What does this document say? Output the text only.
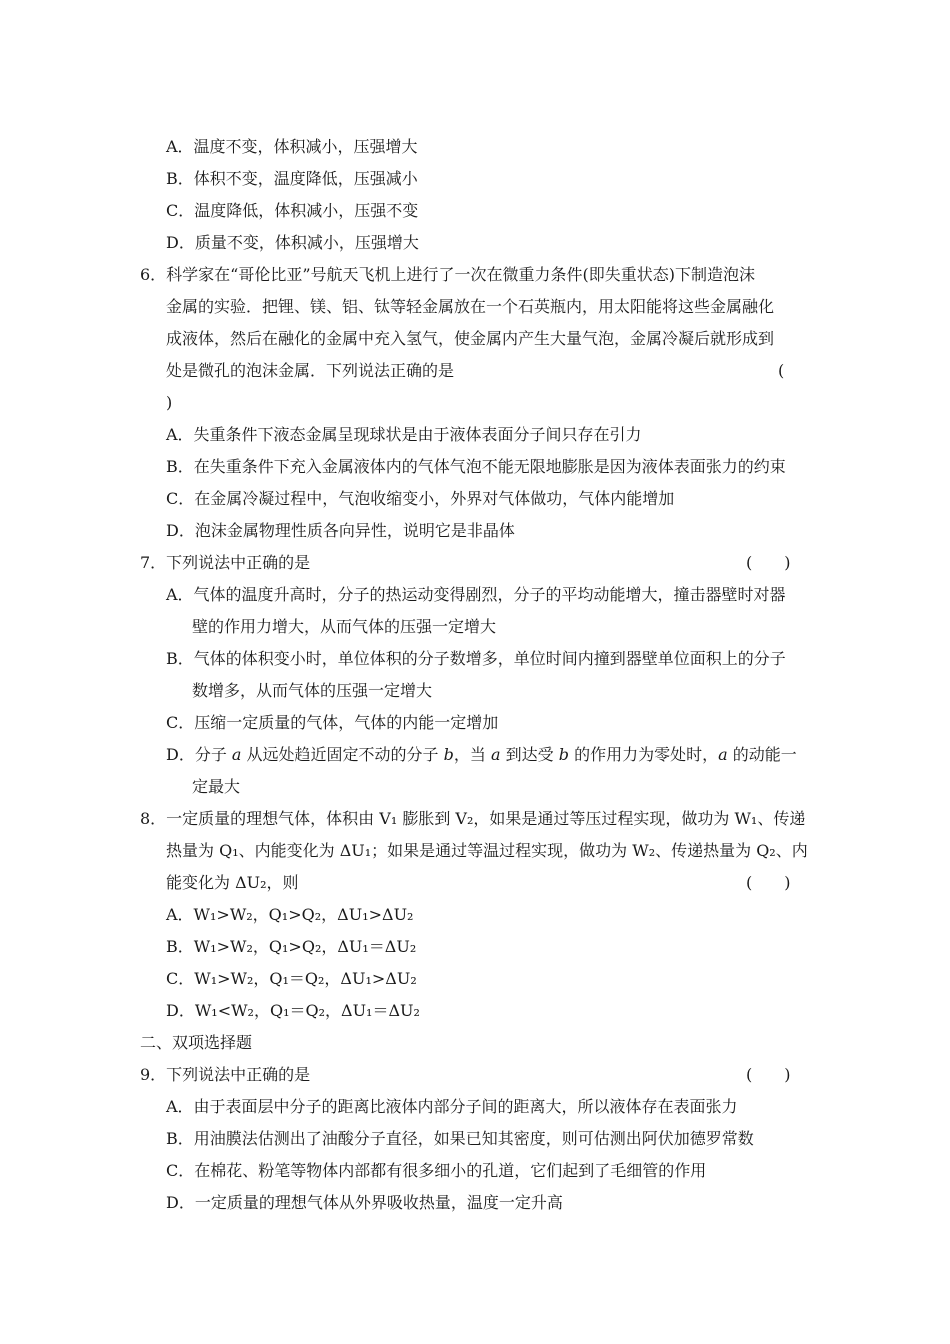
A．温度不变，体积减小，压强增大
B．体积不变，温度降低，压强减小
C．温度降低，体积减小，压强不变
D．质量不变，体积减小，压强增大
6．科学家在“哥伦比亚”号航天飞机上进行了一次在微重力条件(即失重状态)下制造泡沫
金属的实验．把锂、镁、铝、钛等轻金属放在一个石英瓶内，用太阳能将这些金属融化
成液体，然后在融化的金属中充入氢气，使金属内产生大量气泡，金属冷凝后就形成到
处是微孔的泡沫金属．下列说法正确的是	(
)
A．失重条件下液态金属呈现球状是由于液体表面分子间只存在引力
B．在失重条件下充入金属液体内的气体气泡不能无限地膨胀是因为液体表面张力的约束
C．在金属冷凝过程中，气泡收缩变小，外界对气体做功，气体内能增加
D．泡沫金属物理性质各向异性，说明它是非晶体
7．下列说法中正确的是	(　　)
A．气体的温度升高时，分子的热运动变得剧烈，分子的平均动能增大，撞击器壁时对器
壁的作用力增大，从而气体的压强一定增大
B．气体的体积变小时，单位体积的分子数增多，单位时间内撞到器壁单位面积上的分子
数增多，从而气体的压强一定增大
C．压缩一定质量的气体，气体的内能一定增加
D．分子 a 从远处趋近固定不动的分子 b，当 a 到达受 b 的作用力为零处时，a 的动能一
定最大
8．一定质量的理想气体，体积由 V₁ 膨胀到 V₂，如果是通过等压过程实现，做功为 W₁、传递
热量为 Q₁、内能变化为 ΔU₁；如果是通过等温过程实现，做功为 W₂、传递热量为 Q₂、内
能变化为 ΔU₂，则	(　　)
A．W₁>W₂，Q₁>Q₂，ΔU₁>ΔU₂
B．W₁>W₂，Q₁>Q₂，ΔU₁＝ΔU₂
C．W₁>W₂，Q₁＝Q₂，ΔU₁>ΔU₂
D．W₁<W₂，Q₁＝Q₂，ΔU₁＝ΔU₂
二、双项选择题
9．下列说法中正确的是	(　　)
A．由于表面层中分子的距离比液体内部分子间的距离大，所以液体存在表面张力
B．用油膜法估测出了油酸分子直径，如果已知其密度，则可估测出阿伏加德罗常数
C．在棉花、粉笔等物体内部都有很多细小的孔道，它们起到了毛细管的作用
D．一定质量的理想气体从外界吸收热量，温度一定升高
